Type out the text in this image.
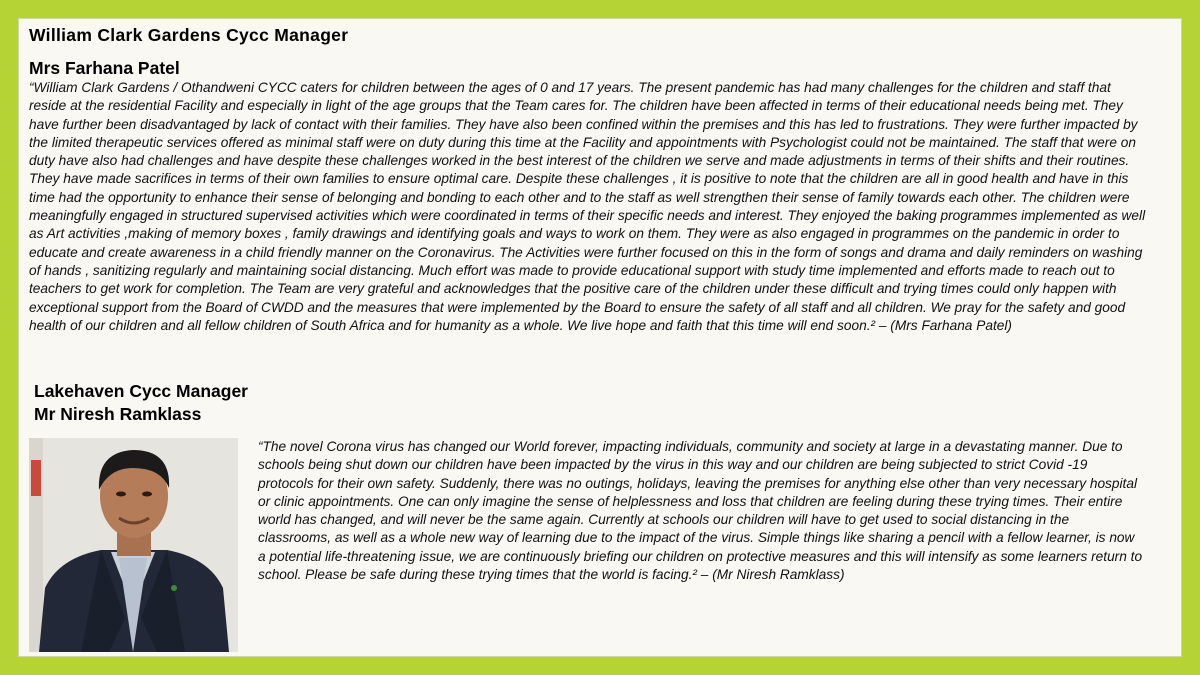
William Clark Gardens Cycc Manager
Mrs Farhana Patel

“William Clark Gardens / Othandweni CYCC caters for children between the ages of 0 and 17 years. The present pandemic has had many challenges for the children and staff that reside at the residential Facility and especially in light of the age groups that the Team cares for. The children have been affected in terms of their educational needs being met. They have further been disadvantaged by lack of contact with their families. They have also been confined within the premises and this has led to frustrations. They were further impacted by the limited therapeutic services offered as minimal staff were on duty during this time at the Facility and appointments with Psychologist could not be maintained. The staff that were on duty have also had challenges and have despite these challenges worked in the best interest of the children we serve and made adjustments in terms of their shifts and their routines. They have made sacrifices in terms of their own families to ensure optimal care. Despite these challenges , it is positive to note that the children are all in good health and have in this time had the opportunity to enhance their sense of belonging and bonding to each other and to the staff as well strengthen their sense of family towards each other. The children were meaningfully engaged in structured supervised activities which were coordinated in terms of their specific needs and interest. They enjoyed the baking programmes implemented as well as Art activities ,making of memory boxes , family drawings and identifying goals and ways to work on them. They were as also engaged in programmes on the pandemic in order to educate and create awareness in a child friendly manner on the Coronavirus. The Activities were further focused on this in the form of songs and drama and daily reminders on washing of hands , sanitizing regularly and maintaining social distancing. Much effort was made to provide educational support with study time implemented and efforts made to reach out to teachers to get work for completion. The Team are very grateful and acknowledges that the positive care of the children under these difficult and trying times could only happen with exceptional support from the Board of CWDD and the measures that were implemented by the Board to ensure the safety of all staff and all children. We pray for the safety and good health of our children and all fellow children of South Africa and for humanity as a whole. We live hope and faith that this time will end soon.² – (Mrs Farhana Patel)

Lakehaven Cycc Manager
Mr Niresh Ramklass

“The novel Corona virus has changed our World forever, impacting individuals, community and society at large in a devastating manner. Due to schools being shut down our children have been impacted by the virus in this way and our children are being subjected to strict Covid -19 protocols for their own safety. Suddenly, there was no outings, holidays, leaving the premises for anything else other than very necessary hospital or clinic appointments. One can only imagine the sense of helplessness and loss that children are feeling during these trying times. Their entire world has changed, and will never be the same again. Currently at schools our children will have to get used to social distancing in the classrooms, as well as a whole new way of learning due to the impact of the virus. Simple things like sharing a pencil with a fellow learner, is now a potential life-threatening issue, we are continuously briefing our children on protective measures and this will intensify as some learners return to school. Please be safe during these trying times that the world is facing.² – (Mr Niresh Ramklass)
